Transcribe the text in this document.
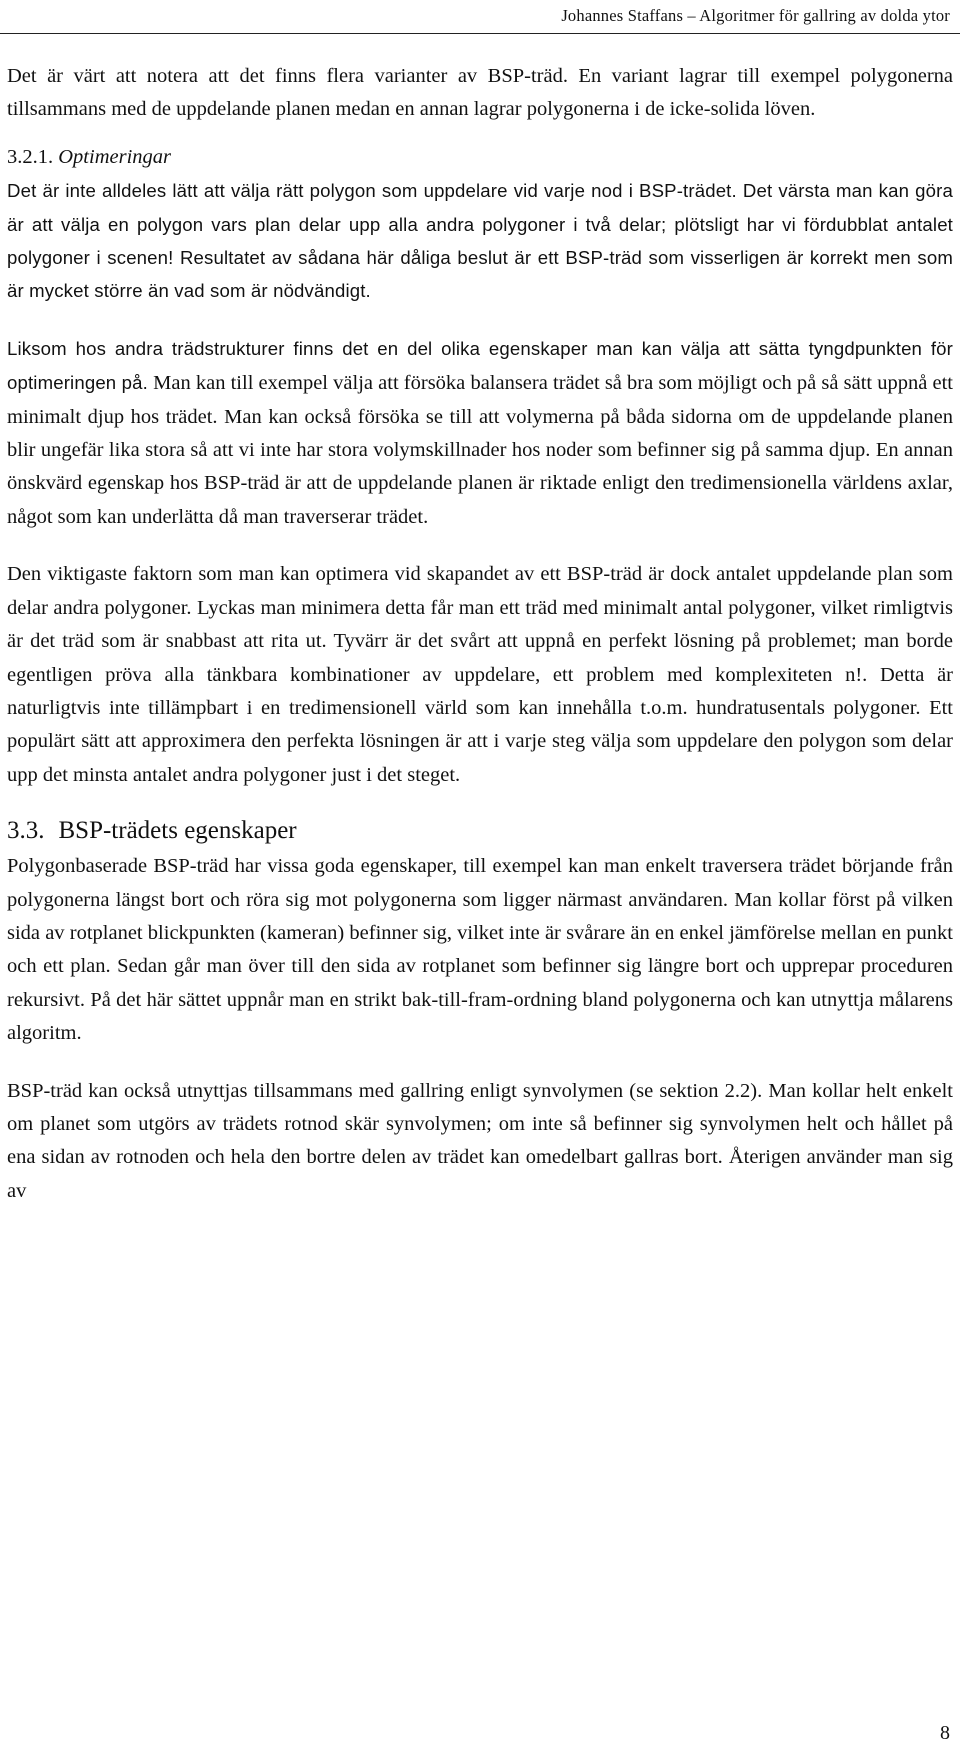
Johannes Staffans – Algoritmer för gallring av dolda ytor

Det är värt att notera att det finns flera varianter av BSP-träd. En variant lagrar till exempel polygonerna tillsammans med de uppdelande planen medan en annan lagrar polygonerna i de icke-solida löven.

3.2.1. Optimeringar

Det är inte alldeles lätt att välja rätt polygon som uppdelare vid varje nod i BSP-trädet. Det värsta man kan göra är att välja en polygon vars plan delar upp alla andra polygoner i två delar; plötsligt har vi fördubblat antalet polygoner i scenen! Resultatet av sådana här dåliga beslut är ett BSP-träd som visserligen är korrekt men som är mycket större än vad som är nödvändigt.

Liksom hos andra trädstrukturer finns det en del olika egenskaper man kan välja att sätta tyngdpunkten för optimeringen på. Man kan till exempel välja att försöka balansera trädet så bra som möjligt och på så sätt uppnå ett minimalt djup hos trädet. Man kan också försöka se till att volymerna på båda sidorna om de uppdelande planen blir ungefär lika stora så att vi inte har stora volymskillnader hos noder som befinner sig på samma djup. En annan önskvärd egenskap hos BSP-träd är att de uppdelande planen är riktade enligt den tredimensionella världens axlar, något som kan underlätta då man traverserar trädet.

Den viktigaste faktorn som man kan optimera vid skapandet av ett BSP-träd är dock antalet uppdelande plan som delar andra polygoner. Lyckas man minimera detta får man ett träd med minimalt antal polygoner, vilket rimligtvis är det träd som är snabbast att rita ut. Tyvärr är det svårt att uppnå en perfekt lösning på problemet; man borde egentligen pröva alla tänkbara kombinationer av uppdelare, ett problem med komplexiteten n!. Detta är naturligtvis inte tillämpbart i en tredimensionell värld som kan innehålla t.o.m. hundratusentals polygoner. Ett populärt sätt att approximera den perfekta lösningen är att i varje steg välja som uppdelare den polygon som delar upp det minsta antalet andra polygoner just i det steget.

3.3. BSP-trädets egenskaper

Polygonbaserade BSP-träd har vissa goda egenskaper, till exempel kan man enkelt traversera trädet börjande från polygonerna längst bort och röra sig mot polygonerna som ligger närmast användaren. Man kollar först på vilken sida av rotplanet blickpunkten (kameran) befinner sig, vilket inte är svårare än en enkel jämförelse mellan en punkt och ett plan. Sedan går man över till den sida av rotplanet som befinner sig längre bort och upprepar proceduren rekursivt. På det här sättet uppnår man en strikt bak-till-fram-ordning bland polygonerna och kan utnyttja målarens algoritm.

BSP-träd kan också utnyttjas tillsammans med gallring enligt synvolymen (se sektion 2.2). Man kollar helt enkelt om planet som utgörs av trädets rotnod skär synvolymen; om inte så befinner sig synvolymen helt och hållet på ena sidan av rotnoden och hela den bortre delen av trädet kan omedelbart gallras bort. Återigen använder man sig av

8
